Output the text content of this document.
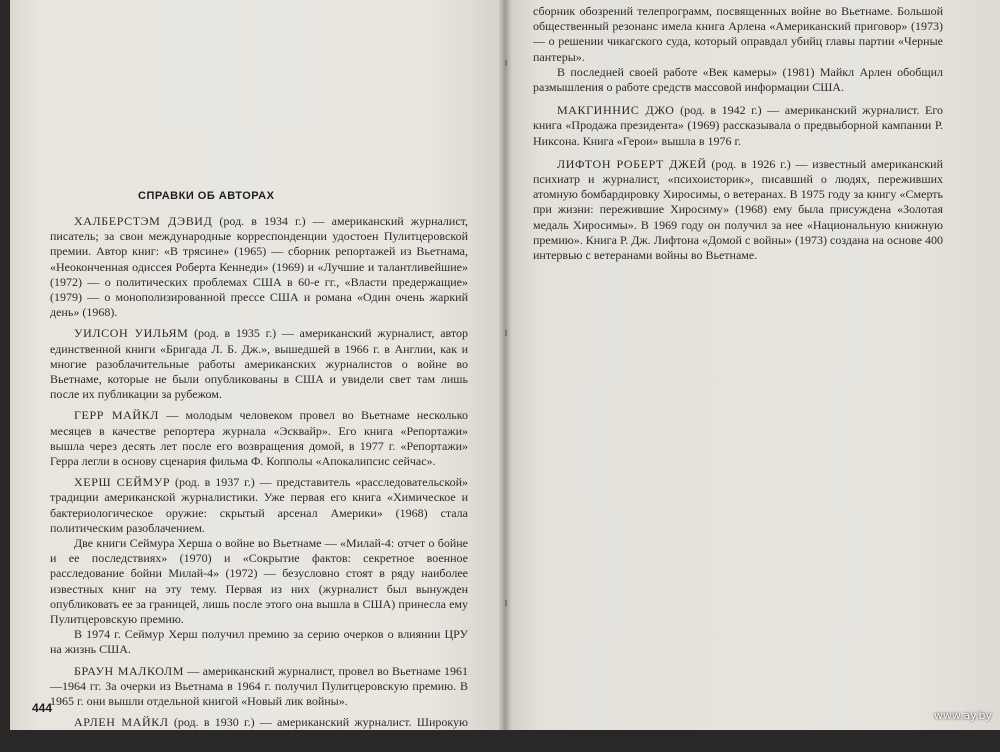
СПРАВКИ ОБ АВТОРАХ

ХАЛБЕРСТЭМ ДЭВИД (род. в 1934 г.) — американский журналист, писатель; за свои международные корреспонденции удостоен Пулитцеровской премии. Автор книг: «В трясине» (1965) — сборник репортажей из Вьетнама, «Неоконченная одиссея Роберта Кеннеди» (1969) и «Лучшие и талантливейшие» (1972) — о политических проблемах США в 60-е гг., «Власти предержащие» (1979) — о монополизированной прессе США и романа «Один очень жаркий день» (1968).

УИЛСОН УИЛЬЯМ (род. в 1935 г.) — американский журналист, автор единственной книги «Бригада Л. Б. Дж.», вышедшей в 1966 г. в Англии, как и многие разоблачительные работы американских журналистов о войне во Вьетнаме, которые не были опубликованы в США и увидели свет там лишь после их публикации за рубежом.

ГЕРР МАЙКЛ — молодым человеком провел во Вьетнаме несколько месяцев в качестве репортера журнала «Эсквайр». Его книга «Репортажи» вышла через десять лет после его возвращения домой, в 1977 г. «Репортажи» Герра легли в основу сценария фильма Ф. Копполы «Апокалипсис сейчас».

ХЕРШ СЕЙМУР (род. в 1937 г.) — представитель «расследовательской» традиции американской журналистики. Уже первая его книга «Химическое и бактериологическое оружие: скрытый арсенал Америки» (1968) стала политическим разоблачением.

Две книги Сеймура Херша о войне во Вьетнаме — «Милай-4: отчет о бойне и ее последствиях» (1970) и «Сокрытие фактов: секретное военное расследование бойни Милай-4» (1972) — безусловно стоят в ряду наиболее известных книг на эту тему. Первая из них (журналист был вынужден опубликовать ее за границей, лишь после этого она вышла в США) принесла ему Пулитцеровскую премию.

В 1974 г. Сеймур Херш получил премию за серию очерков о влиянии ЦРУ на жизнь США.

БРАУН МАЛКОЛМ — американский журналист, провел во Вьетнаме 1961—1964 гг. За очерки из Вьетнама в 1964 г. получил Пулитцеровскую премию. В 1965 г. они вышли отдельной книгой «Новый лик войны».

АРЛЕН МАЙКЛ (род. в 1930 г.) — американский журналист. Широкую известность принесла ему книга «Война в гостиной» (1969) —

444

сборник обозрений телепрограмм, посвященных войне во Вьетнаме. Большой общественный резонанс имела книга Арлена «Американский приговор» (1973) — о решении чикагского суда, который оправдал убийц главы партии «Черные пантеры».

В последней своей работе «Век камеры» (1981) Майкл Арлен обобщил размышления о работе средств массовой информации США.

МАКГИННИС ДЖО (род. в 1942 г.) — американский журналист. Его книга «Продажа президента» (1969) рассказывала о предвыборной кампании Р. Никсона. Книга «Герои» вышла в 1976 г.

ЛИФТОН РОБЕРТ ДЖЕЙ (род. в 1926 г.) — известный американский психиатр и журналист, «психоисторик», писавший о людях, переживших атомную бомбардировку Хиросимы, о ветеранах. В 1975 году за книгу «Смерть при жизни: пережившие Хиросиму» (1968) ему была присуждена «Золотая медаль Хиросимы». В 1969 году он получил за нее «Национальную книжную премию». Книга Р. Дж. Лифтона «Домой с войны» (1973) создана на основе 400 интервью с ветеранами войны во Вьетнаме.

www.ay.by
